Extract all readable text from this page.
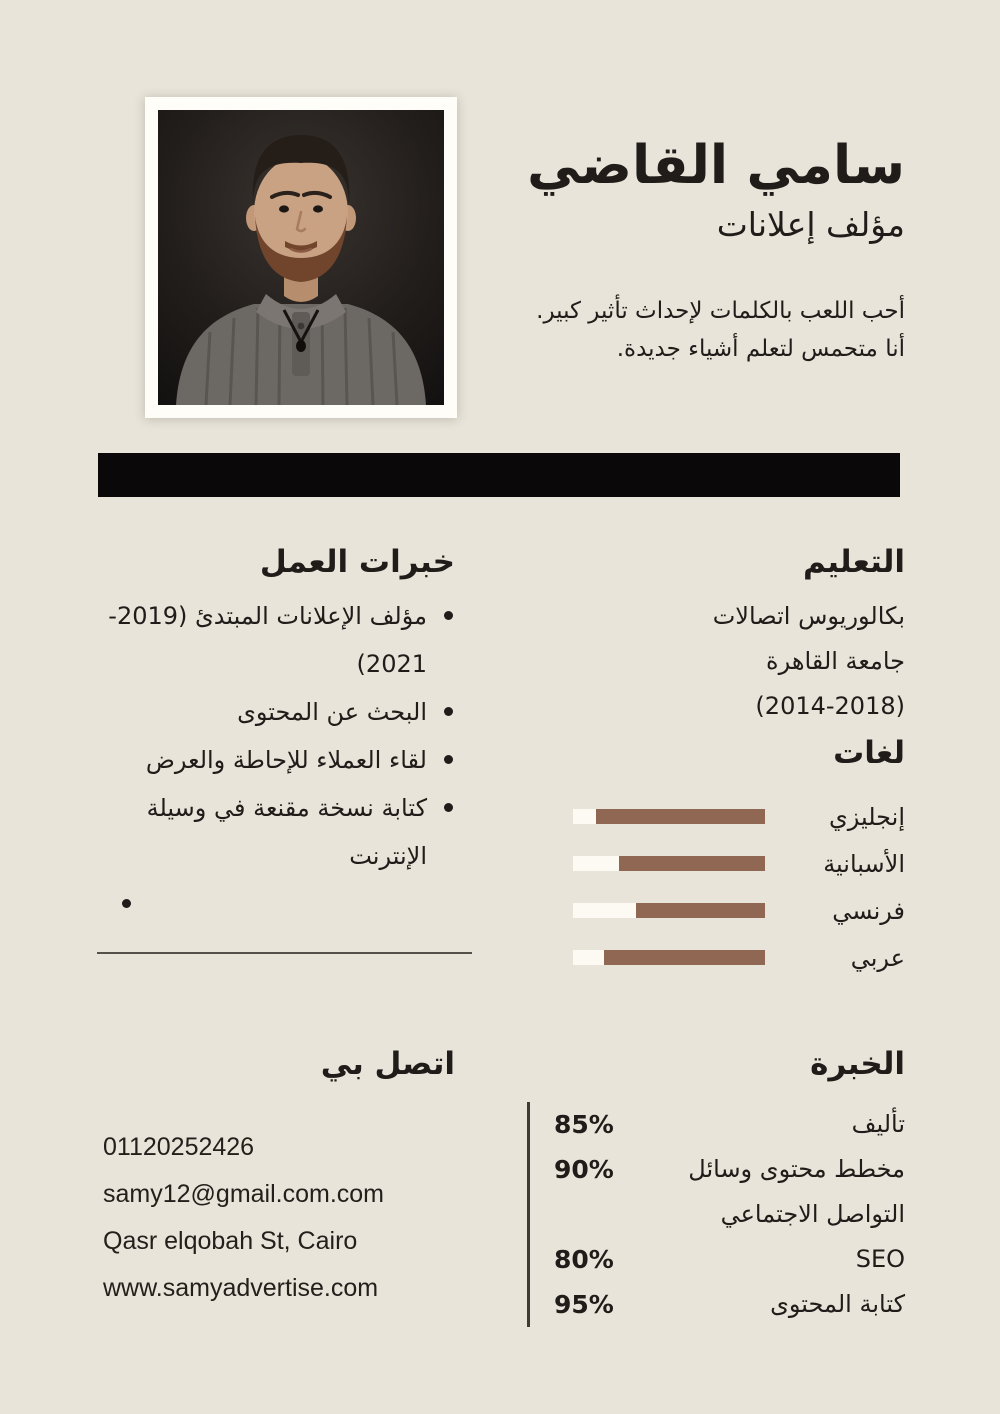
سامي القاضي
مؤلف إعلانات

أحب اللعب بالكلمات لإحداث تأثير كبير.
أنا متحمس لتعلم أشياء جديدة.

التعليم
بكالوريوس اتصالات
جامعة القاهرة
(2014-2018)
لغات
إنجليزي
الأسبانية
فرنسي
عربي
الخبرة
تأليف
85%
مخطط محتوى وسائل التواصل الاجتماعي
90%
SEO
80%
كتابة المحتوى
95%
خبرات العمل
مؤلف الإعلانات المبتدئ (2019-2021)
البحث عن المحتوى
لقاء العملاء للإحاطة والعرض
كتابة نسخة مقنعة في وسيلة الإنترنت
اتصل بي
01120252426
samy12@gmail.com.com
Qasr elqobah St, Cairo
www.samyadvertise.com
